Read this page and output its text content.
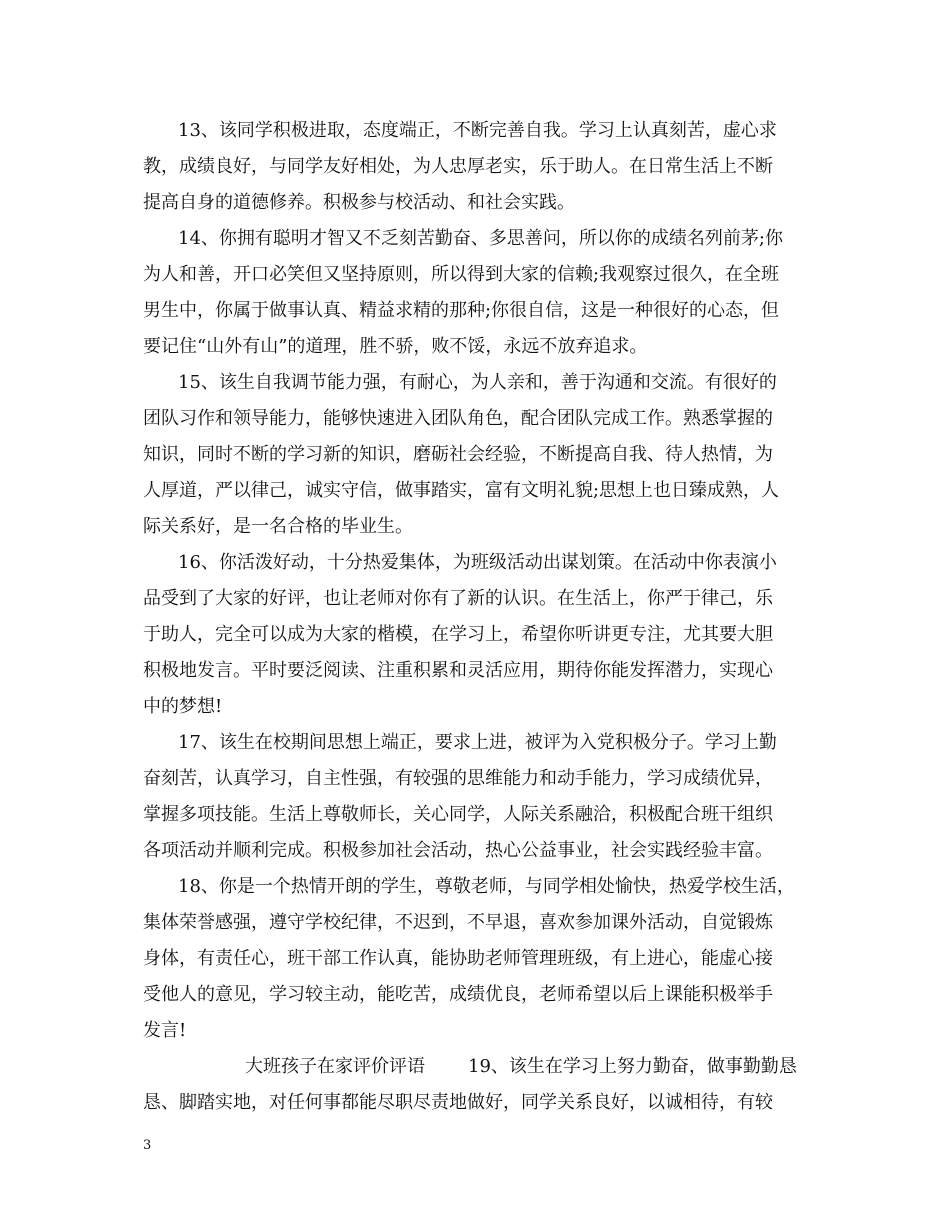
13、该同学积极进取，态度端正，不断完善自我。学习上认真刻苦，虚心求
教，成绩良好，与同学友好相处，为人忠厚老实，乐于助人。在日常生活上不断
提高自身的道德修养。积极参与校活动、和社会实践。
14、你拥有聪明才智又不乏刻苦勤奋、多思善问，所以你的成绩名列前茅;你
为人和善，开口必笑但又坚持原则，所以得到大家的信赖;我观察过很久，在全班
男生中，你属于做事认真、精益求精的那种;你很自信，这是一种很好的心态，但
要记住“山外有山”的道理，胜不骄，败不馁，永远不放弃追求。
15、该生自我调节能力强，有耐心，为人亲和，善于沟通和交流。有很好的
团队习作和领导能力，能够快速进入团队角色，配合团队完成工作。熟悉掌握的
知识，同时不断的学习新的知识，磨砺社会经验，不断提高自我、待人热情，为
人厚道，严以律己，诚实守信，做事踏实，富有文明礼貌;思想上也日臻成熟，人
际关系好，是一名合格的毕业生。
16、你活泼好动，十分热爱集体，为班级活动出谋划策。在活动中你表演小
品受到了大家的好评，也让老师对你有了新的认识。在生活上，你严于律己，乐
于助人，完全可以成为大家的楷模，在学习上，希望你听讲更专注，尤其要大胆
积极地发言。平时要泛阅读、注重积累和灵活应用，期待你能发挥潜力，实现心
中的梦想!
17、该生在校期间思想上端正，要求上进，被评为入党积极分子。学习上勤
奋刻苦，认真学习，自主性强，有较强的思维能力和动手能力，学习成绩优异，
掌握多项技能。生活上尊敬师长，关心同学，人际关系融洽，积极配合班干组织
各项活动并顺利完成。积极参加社会活动，热心公益事业，社会实践经验丰富。
18、你是一个热情开朗的学生，尊敬老师，与同学相处愉快，热爱学校生活，
集体荣誉感强，遵守学校纪律，不迟到，不早退，喜欢参加课外活动，自觉锻炼
身体，有责任心，班干部工作认真，能协助老师管理班级，有上进心，能虚心接
受他人的意见，学习较主动，能吃苦，成绩优良，老师希望以后上课能积极举手
发言!
大班孩子在家评价评语 19、该生在学习上努力勤奋，做事勤勤恳
恳、脚踏实地，对任何事都能尽职尽责地做好，同学关系良好，以诚相待，有较
3
